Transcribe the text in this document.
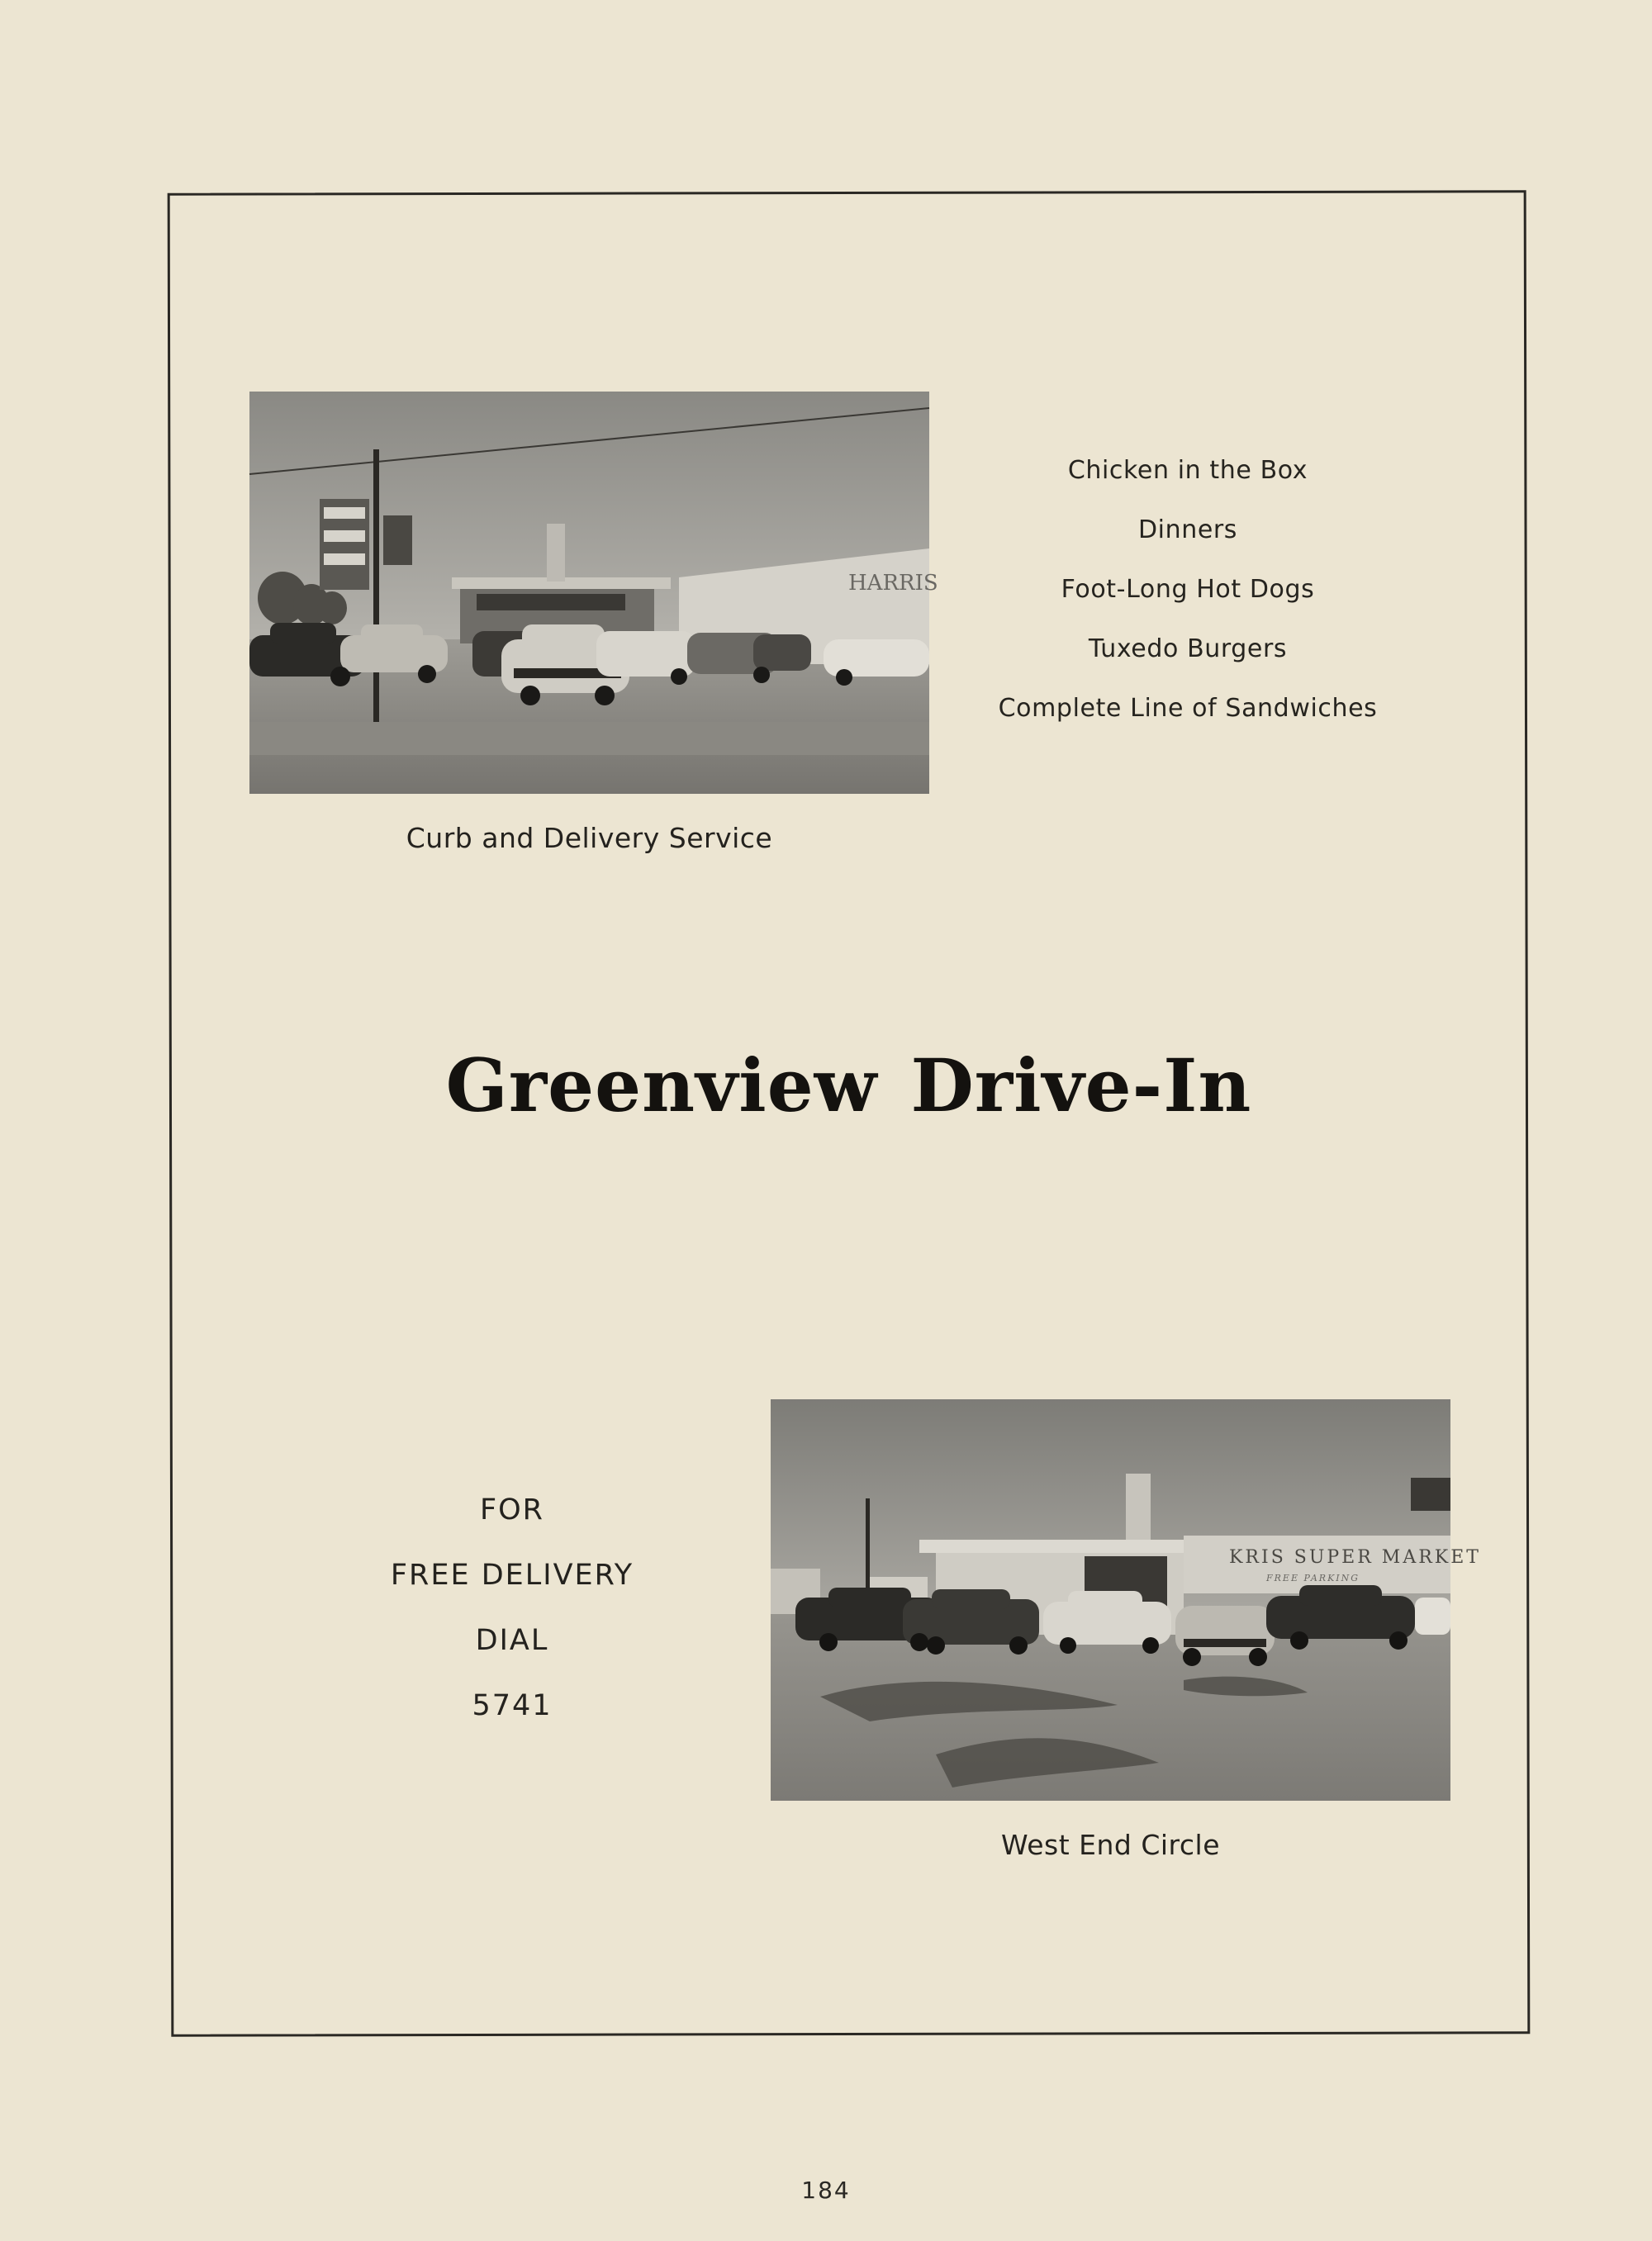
HARRIS
Curb and Delivery Service
Chicken in the Box
Dinners
Foot-Long Hot Dogs
Tuxedo Burgers
Complete Line of Sandwiches
Greenview Drive-In
FOR
FREE DELIVERY
DIAL
5741
KRIS SUPER MARKET
FREE PARKING
West End Circle
184
